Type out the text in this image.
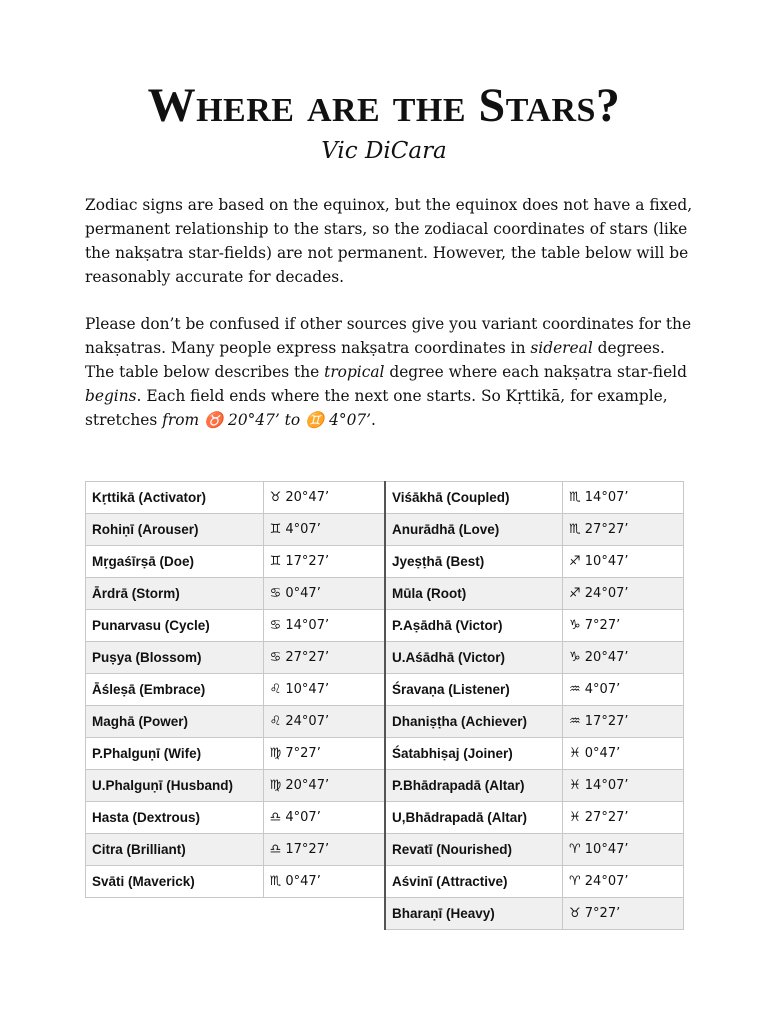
Where are the Stars?
Vic DiCara
Zodiac signs are based on the equinox, but the equinox does not have a fixed, permanent relationship to the stars, so the zodiacal coordinates of stars (like the nakṣatra star-fields) are not permanent. However, the table below will be reasonably accurate for decades.
Please don’t be confused if other sources give you variant coordinates for the nakṣatras. Many people express nakṣatra coordinates in sidereal degrees. The table below describes the tropical degree where each nakṣatra star-field begins. Each field ends where the next one starts. So Kṛttikā, for example, stretches from ♉ 20°47’ to ♊ 4°07’.
Kṛttikā (Activator)	♉ 20°47’
Rohiṇī (Arouser)	♊ 4°07’
Mṛgaśīrṣā (Doe)	♊ 17°27’
Ārdrā (Storm)	♋ 0°47’
Punarvasu (Cycle)	♋ 14°07’
Puṣya (Blossom)	♋ 27°27’
Āśleṣā (Embrace)	♌ 10°47’
Maghā (Power)	♌ 24°07’
P.Phalguṇī (Wife)	♍ 7°27’
U.Phalguṇī (Husband)	♍ 20°47’
Hasta (Dextrous)	♎ 4°07’
Citra (Brilliant)	♎ 17°27’
Svāti (Maverick)	♏ 0°47’
Viśākhā (Coupled)	♏ 14°07’
Anurādhā (Love)	♏ 27°27’
Jyeṣṭhā (Best)	♐ 10°47’
Mūla (Root)	♐ 24°07’
P.Aṣādhā (Victor)	♑ 7°27’
U.Aśādhā (Victor)	♑ 20°47’
Śravaṇa (Listener)	♒ 4°07’
Dhaniṣṭha (Achiever)	♒ 17°27’
Śatabhiṣaj (Joiner)	♓ 0°47’
P.Bhādrapadā (Altar)	♓ 14°07’
U,Bhādrapadā (Altar)	♓ 27°27’
Revatī (Nourished)	♈ 10°47’
Aśvinī (Attractive)	♈ 24°07’
Bharaṇī (Heavy)	♉ 7°27’
